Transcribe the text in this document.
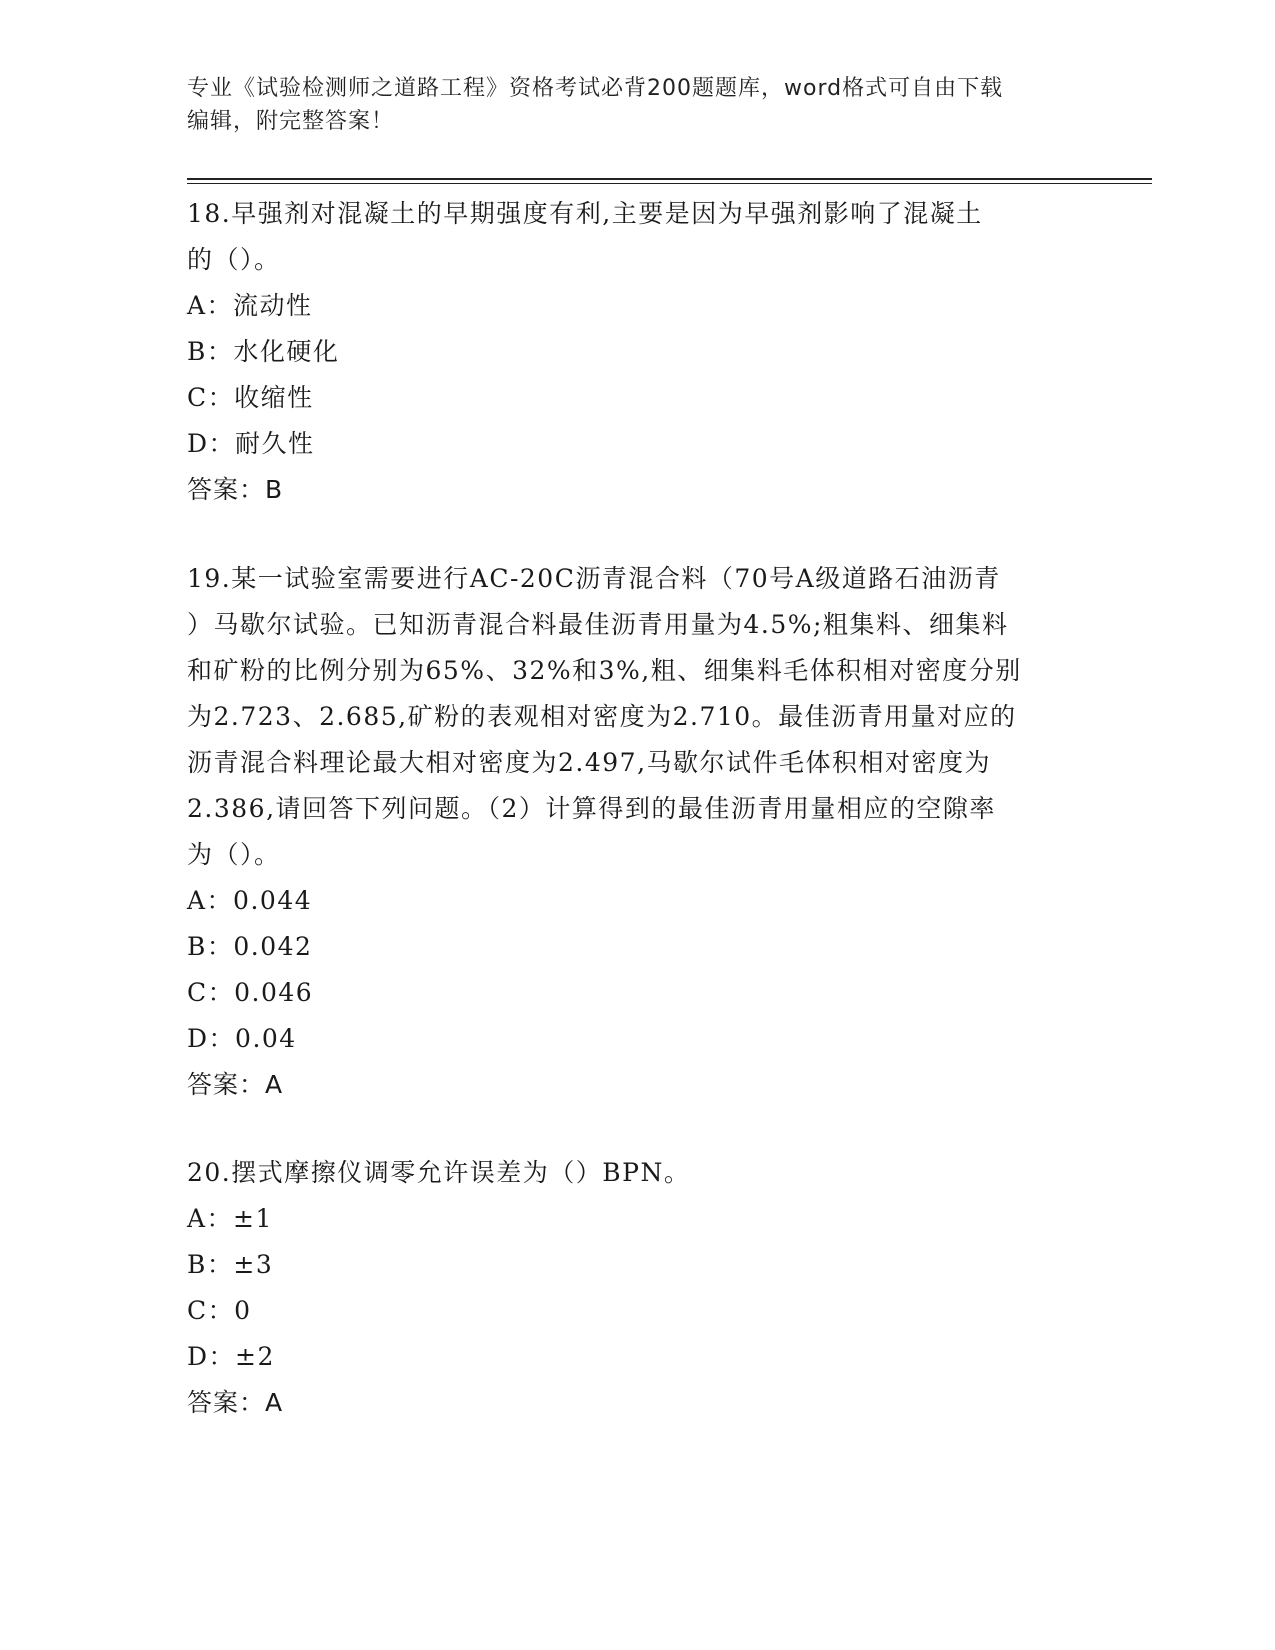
专业《试验检测师之道路工程》资格考试必背200题题库，word格式可自由下载
编辑，附完整答案！

18.早强剂对混凝土的早期强度有利,主要是因为早强剂影响了混凝土

的（）。

A：流动性

B：水化硬化

C：收缩性

D：耐久性

答案：B

19.某一试验室需要进行AC-20C沥青混合料（70号A级道路石油沥青

）马歇尔试验。已知沥青混合料最佳沥青用量为4.5%;粗集料、细集料

和矿粉的比例分别为65%、32%和3%,粗、细集料毛体积相对密度分别

为2.723、2.685,矿粉的表观相对密度为2.710。最佳沥青用量对应的

沥青混合料理论最大相对密度为2.497,马歇尔试件毛体积相对密度为

2.386,请回答下列问题。（2）计算得到的最佳沥青用量相应的空隙率

为（）。

A：0.044

B：0.042

C：0.046

D：0.04

答案：A

20.摆式摩擦仪调零允许误差为（）BPN。

A：±1

B：±3

C：0

D：±2

答案：A
